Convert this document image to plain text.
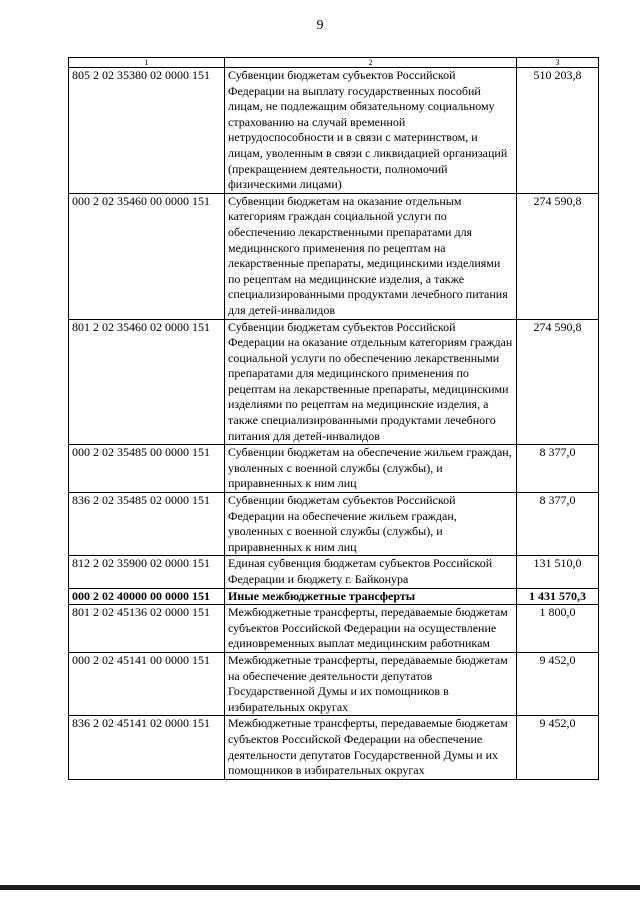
9
1	2	3
805 2 02 35380 02 0000 151	Субвенции бюджетам субъектов Российской Федерации на выплату государственных пособий лицам, не подлежащим обязательному социальному страхованию на случай временной нетрудоспособности и в связи с материнством, и лицам, уволенным в связи с ликвидацией организаций (прекращением деятельности, полномочий физическими лицами)	510 203,8
000 2 02 35460 00 0000 151	Субвенции бюджетам на оказание отдельным категориям граждан социальной услуги по обеспечению лекарственными препаратами для медицинского применения по рецептам на лекарственные препараты, медицинскими изделиями по рецептам на медицинские изделия, а также специализированными продуктами лечебного питания для детей-инвалидов	274 590,8
801 2 02 35460 02 0000 151	Субвенции бюджетам субъектов Российской Федерации на оказание отдельным категориям граждан социальной услуги по обеспечению лекарственными препаратами для медицинского применения по рецептам на лекарственные препараты, медицинскими изделиями по рецептам на медицинские изделия, а также специализированными продуктами лечебного питания для детей-инвалидов	274 590,8
000 2 02 35485 00 0000 151	Субвенции бюджетам на обеспечение жильем граждан, уволенных с военной службы (службы), и приравненных к ним лиц	8 377,0
836 2 02 35485 02 0000 151	Субвенции бюджетам субъектов Российской Федерации на обеспечение жильем граждан, уволенных с военной службы (службы), и приравненных к ним лиц	8 377,0
812 2 02 35900 02 0000 151	Единая субвенция бюджетам субъектов Российской Федерации и бюджету г. Байконура	131 510,0
000 2 02 40000 00 0000 151	Иные межбюджетные трансферты	1 431 570,3
801 2 02 45136 02 0000 151	Межбюджетные трансферты, передаваемые бюджетам субъектов Российской Федерации на осуществление единовременных выплат медицинским работникам	1 800,0
000 2 02 45141 00 0000 151	Межбюджетные трансферты, передаваемые бюджетам на обеспечение деятельности депутатов Государственной Думы и их помощников в избирательных округах	9 452,0
836 2 02 45141 02 0000 151	Межбюджетные трансферты, передаваемые бюджетам субъектов Российской Федерации на обеспечение деятельности депутатов Государственной Думы и их помощников в избирательных округах	9 452,0
